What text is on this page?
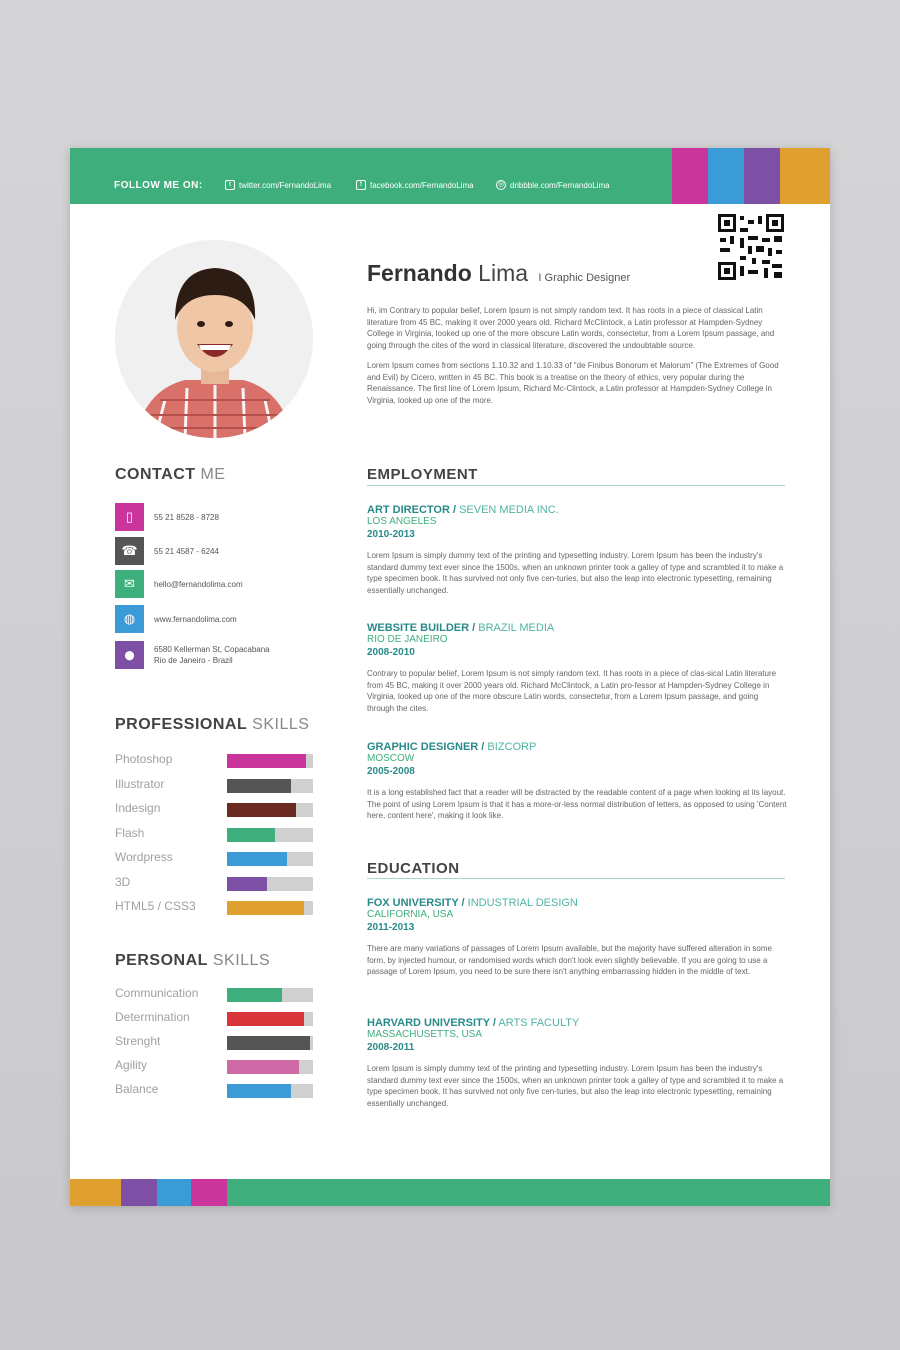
FOLLOW ME ON:	t	twitter.com/FernandoLima	f	facebook.com/FernandoLima	◎ dribbble.com/FernandoLima
Fernando Lima I Graphic Designer

Hi, im Contrary to popular belief, Lorem Ipsum is not simply random text. It has roots in a piece of classical Latin literature from 45 BC, making it over 2000 years old. Richard McClintock, a Latin professor at Hampden-Sydney College in Virginia, looked up one of the more obscure Latin words, consectetur, from a Lorem Ipsum passage, and going through the cites of the word in classical literature, discovered the undoubtable source.

Lorem Ipsum comes from sections 1.10.32 and 1.10.33 of "de Finibus Bonorum et Malorum" (The Extremes of Good and Evil) by Cicero, written in 45 BC. This book is a treatise on the theory of ethics, very popular during the Renaissance. The first line of Lorem Ipsum, Richard Mc-Clintock, a Latin professor at Hampden-Sydney College in Virginia, looked up one of the more.

CONTACT ME
▯	55 21 8528 - 8728
☎	55 21 4587 - 6244
✉	hello@fernandolima.com
◍	www.fernandolima.com
⬤	6580 Kellerman St, Copacabana
Rio de Janeiro - Brazil
PROFESSIONAL SKILLS
Photoshop
Illustrator
Indesign
Flash
Wordpress
3D
HTML5 / CSS3
PERSONAL SKILLS
Communication
Determination
Strenght
Agility
Balance
EMPLOYMENT
ART DIRECTOR / SEVEN MEDIA INC.
LOS ANGELES
2010-2013
Lorem Ipsum is simply dummy text of the printing and typesetting industry. Lorem Ipsum has been the industry's standard dummy text ever since the 1500s, when an unknown printer took a galley of type and scrambled it to make a type specimen book. It has survived not only five cen-turies, but also the leap into electronic typesetting, remaining essentially unchanged.
WEBSITE BUILDER / BRAZIL MEDIA
RIO DE JANEIRO
2008-2010
Contrary to popular belief, Lorem Ipsum is not simply random text. It has roots in a piece of clas-sical Latin literature from 45 BC, making it over 2000 years old. Richard McClintock, a Latin pro-fessor at Hampden-Sydney College in Virginia, looked up one of the more obscure Latin words, consectetur, from a Lorem Ipsum passage, and going through the cites.
GRAPHIC DESIGNER / BIZCORP
MOSCOW
2005-2008
It is a long established fact that a reader will be distracted by the readable content of a page when looking at its layout. The point of using Lorem Ipsum is that it has a more-or-less normal distribution of letters, as opposed to using 'Content here, content here', making it look like.
EDUCATION
FOX UNIVERSITY / INDUSTRIAL DESIGN
CALIFORNIA, USA
2011-2013
There are many variations of passages of Lorem Ipsum available, but the majority have suffered alteration in some form, by injected humour, or randomised words which don't look even slightly believable. If you are going to use a passage of Lorem Ipsum, you need to be sure there isn't anything embarrassing hidden in the middle of text.
HARVARD UNIVERSITY / ARTS FACULTY
MASSACHUSETTS, USA
2008-2011
Lorem Ipsum is simply dummy text of the printing and typesetting industry. Lorem Ipsum has been the industry's standard dummy text ever since the 1500s, when an unknown printer took a galley of type and scrambled it to make a type specimen book. It has survived not only five cen-turies, but also the leap into electronic typesetting, remaining essentially unchanged.
